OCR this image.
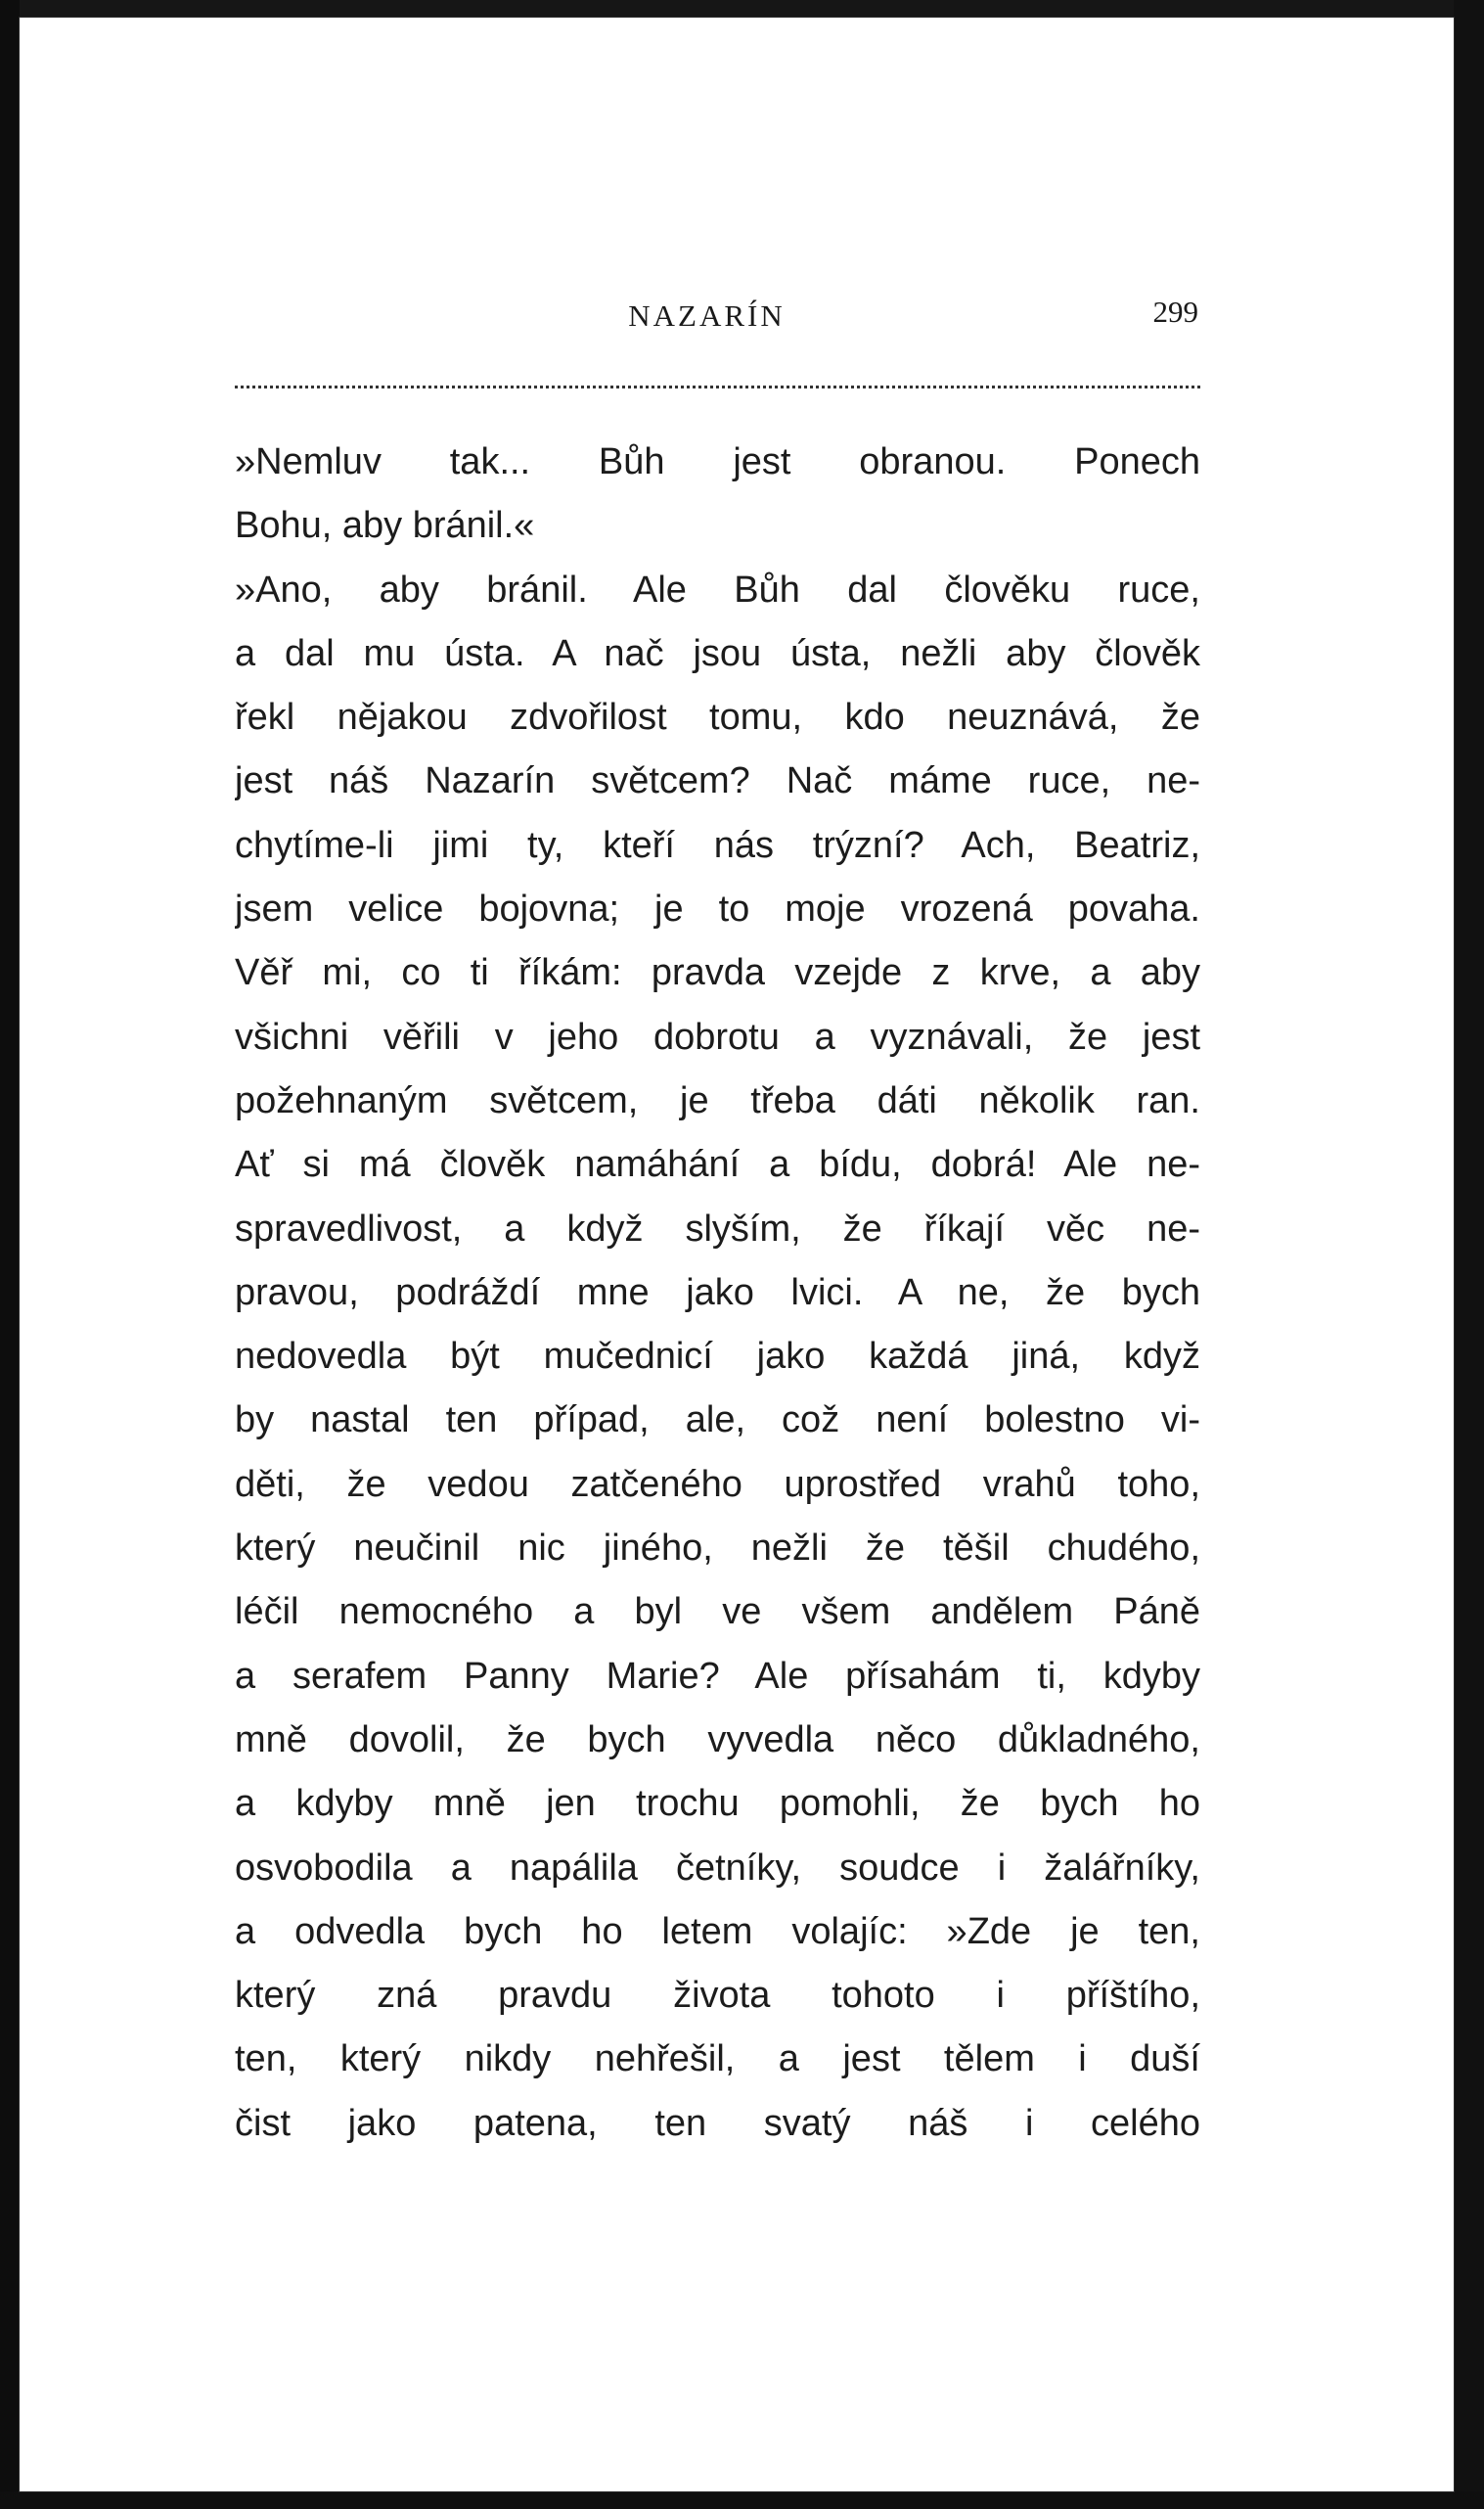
NAZARÍN	299
»Nemluv tak... Bůh jest obranou. Ponech
Bohu, aby bránil.«
»Ano, aby bránil. Ale Bůh dal člověku ruce,
a dal mu ústa. A nač jsou ústa, nežli aby člověk
řekl nějakou zdvořilost tomu, kdo neuznává, že
jest náš Nazarín světcem? Nač máme ruce, ne-
chytíme-li jimi ty, kteří nás trýzní? Ach, Beatriz,
jsem velice bojovna; je to moje vrozená povaha.
Věř mi, co ti říkám: pravda vzejde z krve, a aby
všichni věřili v jeho dobrotu a vyznávali, že jest
požehnaným světcem, je třeba dáti několik ran.
Ať si má člověk namáhání a bídu, dobrá! Ale ne-
spravedlivost, a když slyším, že říkají věc ne-
pravou, podráždí mne jako lvici. A ne, že bych
nedovedla být mučednicí jako každá jiná, když
by nastal ten případ, ale, což není bolestno vi-
děti, že vedou zatčeného uprostřed vrahů toho,
který neučinil nic jiného, nežli že těšil chudého,
léčil nemocného a byl ve všem andělem Páně
a serafem Panny Marie? Ale přísahám ti, kdyby
mně dovolil, že bych vyvedla něco důkladného,
a kdyby mně jen trochu pomohli, že bych ho
osvobodila a napálila četníky, soudce i žalářníky,
a odvedla bych ho letem volajíc: »Zde je ten,
který zná pravdu života tohoto i příštího,
ten, který nikdy nehřešil, a jest tělem i duší
čist jako patena, ten svatý náš i celého
